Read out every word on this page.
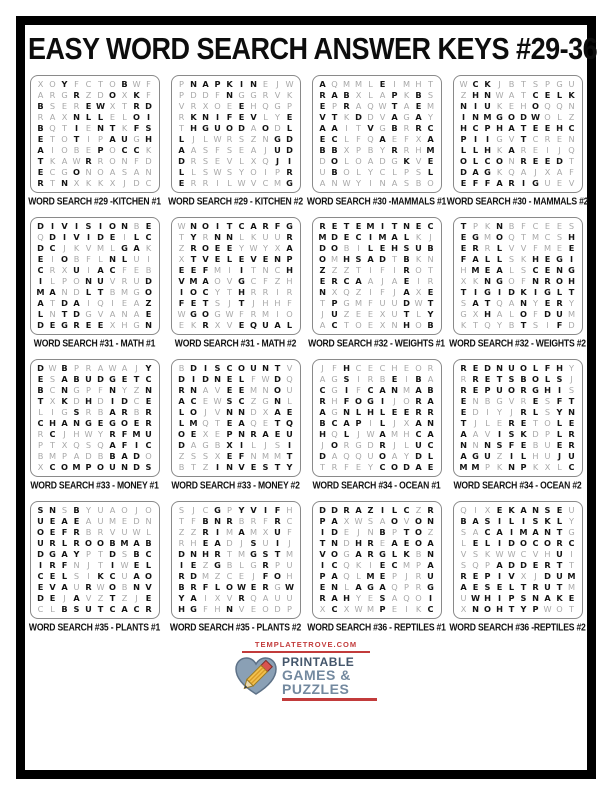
EASY WORD SEARCH ANSWER KEYS #29-36
X O Y F C T O B W F
A R G R Z D O X K F
B S E R E W X T R D
R A X N L L E L O I
B Q T I E N T K F S
E T O T I	P A U G H
A I O B E P O C C K
T K A W R R O N F D
E C G O N O A S A N
R T N X K K X J D C
WORD SEARCH #29 -KITCHEN #1
P N A P K I N E J W
P D D F N G G R V K
V R X O E E H Q G P
R K N I F E V L Y E
T H G U O D A O D L
L J	L W R S Z N G D
A A S F S E A J U D
D R S E V L X Q J	I
L L S W S Y O I	P R
E R R I	L W V C M G
WORD SEARCH #29 - KITCHEN #2
A Q M M L E I M H T
R A B X L A P K B S
E P R A Q W T A E M
V T K D D V A G A Y
A A I	T V G B R R C
E C L F Q A E F X A
B B X P B Y R R H M
D O L O A D G K V E
U B O L Y C L P S L
A N W Y	I N A S B O
WORD SEARCH #30 -MAMMALS #1
W C K J B T S P G U
Z H N W A T C E L K
N I U K E H O Q Q N
I N M G O D W O L Z
H C P H A T E E H C
P I	I G V T C R E N
L L H K A R E I	J Q
O L C O N R E E D T
D A G K Q A J X A F
E F F A R I G U E V
WORD SEARCH #30 - MAMMALS #2
D I V I S I O N B E
Q D I V I D E I L C
D C J K V M L G A K
E I O B F L N L U I
C R X U I A C F E B
I	L P O N U V R U D
M A N D L T B M G O
A T D A I Q I	E A Z
L N T D G V A N A E
D E G R E E X H G N
WORD SEARCH #31 - MATH #1
W N O I T C A R F G
T Y R N N L K U U R
Z R O E E Y W Y X A
X T V E L E V E N P
E E F M I	I T N C H
V M A O V G C F Z H
I O C Y T H R R I R
F E T S J T J H H F
W G O G W F R M I O
E K R X V E Q U A L
WORD SEARCH #31 - MATH #2
R E T E M I T N E C
M D E C I M A L K J
D O B I L E H S U B
O M H S A D T B K N
Z Z Z T	I	F	I R O T
E R C A A J A E I R
N X Q Z I	F	J A X E
T P G M F U U D W T
J U Z E E X U T L Y
A C T O E X N H O B
WORD SEARCH #32 - WEIGHTS #1
T P K N B F C E E S
E G M O Q T M C S H
E R R L V V F M E E
F A L L S K H E G I
H M E A L S C E N G
X K N G O F N R O H
T I G I D K I G L T
S A T Q A N Y E R Y
G X H A L O F D U M
K T Q Y B T S I F D
WORD SEARCH #32 - WEIGHTS #2
D W B P R A W A J Y
E S A B U D G E T C
B C N G P F N Y Z N
T X K D H D I D C E
L	I G S R B A R B R
C H A N G E G O E R
R C J H W Y R F M U
P T X Q S Q A F I C
B M P A D B B A D O
X C O M P O U N D S
WORD SEARCH #33 - MONEY #1
B D I S C O U N T V
D I D N E L F W D Q
R N A V E E M N O U
A C E W S C Z G N L
L O J V N N D X A E
L M Q T E A Q E T Q
O E X E P N R A E U
D A G B X I	L	J S I
Z S S X E F N M M T
B T Z I N V E S T Y
WORD SEARCH #33 - MONEY #2
J	F H C E C H E O R
A G S I R B E I B A
C G I F C A N M A B
R H F O G I	J O R A
A G N L H L E E R R
B C A P I L J X A N
H Q L J W A M H C A
J O R G D R J	L U C
D A Q Q U O A Y D L
T R F E Y C O D A E
WORD SEARCH #34 - OCEAN #1
R E D N U O L F H Y
R R E T S B O L S J
R E P U O R G H I S
E N B G V R E S F T
E D I	Y	J R L S Y N
T J	L E R E T O L E
A A V I S K D P L R
N N N S F E B U E R
A G U Z I L H U J U
M M P K N P K X L C
WORD SEARCH #34 - OCEAN #2
S N S B Y U A O J O
U E A E A U M E D N
O E F R B R V U W L
U R L R O O B M A B
D G A Y P T D S B C
I R F N J	T I W E L
C E L S I K C U A O
E V A U R W O B N V
D E J A V Z T Z J E
C L B S U T C A C R
WORD SEARCH #35 - PLANTS #1
S J C G P Y V I F H
T F B N R B R F R C
Z Z R I M A M X U F
R H E A D J S U I	J
D N H R T M G S T M
I E Z G B L G R P U
R D M Z C E J F O H
B R F L O W E R G W
Y A I X V R Q A U U
H G F H N V E O D P
WORD SEARCH #35 - PLANTS #2
D D R A Z I L C Z R
P A X W S A O V O N
I D E J N B P T O Z
T N D H R E A E O A
V O G A R G L K B N
I C Q K I E C M P A
P A Q L M E P	J R U
E N L A G A Q P R G
R A H Y E S A Q O I
X C X W M P E I K C
WORD SEARCH #36 - REPTILES #1
Q I X E K A N S E U
B A S I L I S K L Y
S A C A I M A N T G
L E L I D O C O R C
V S K W W C V H U I
S Q P A D D E R T T
R E P I V X J D U M
A E S E L T R U T M
U W H I P S N A K E
X N O H T Y P W O T
WORD SEARCH #36 -REPTILES #2
TEMPLATETROVE.COM
PRINTABLE
GAMES &
PUZZLES
